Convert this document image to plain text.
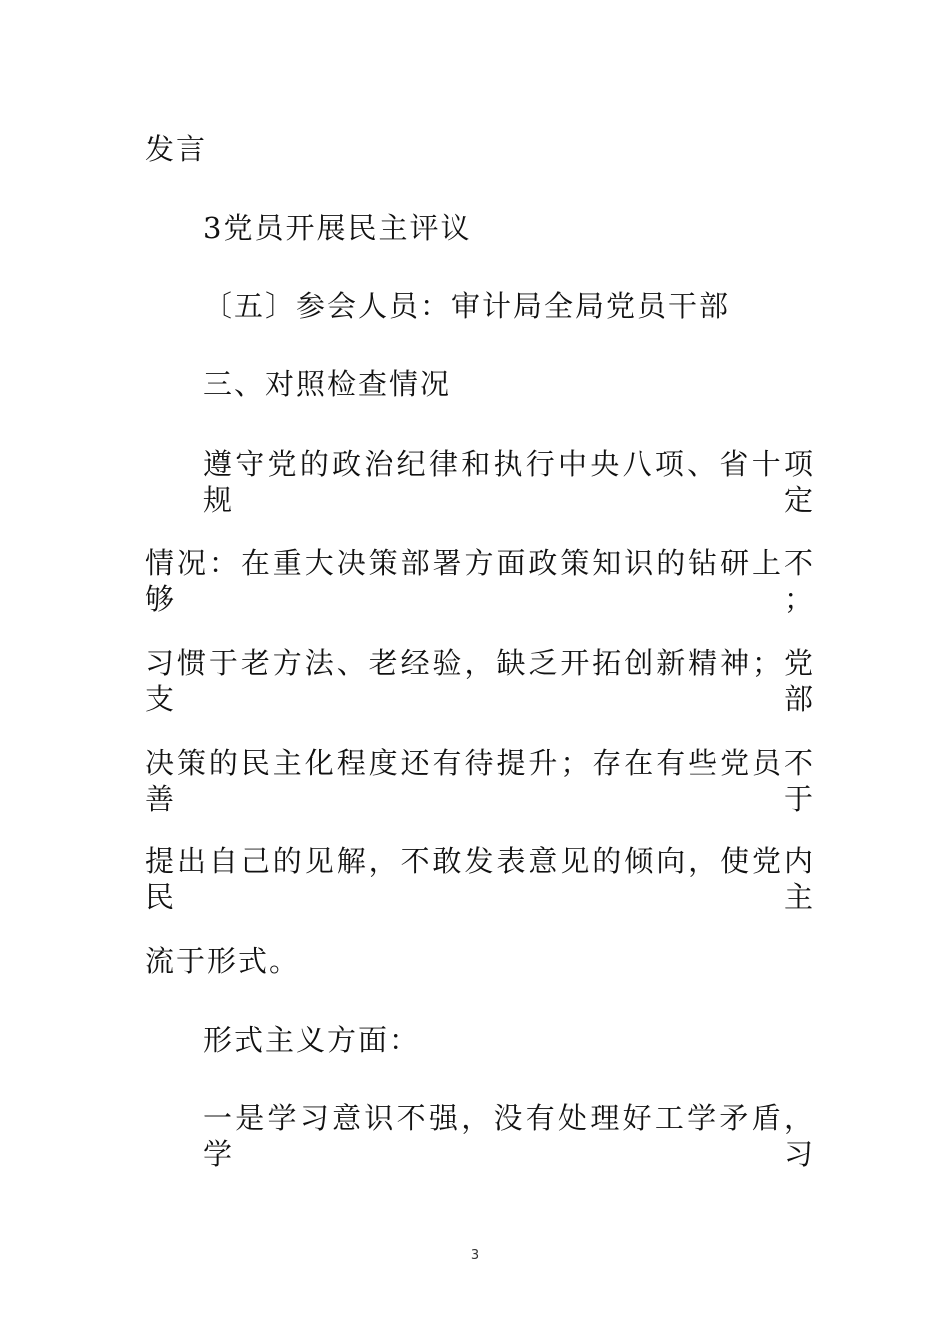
发言
3党员开展民主评议
〔五〕参会人员：审计局全局党员干部
三、对照检查情况
遵守党的政治纪律和执行中央八项、省十项规定
情况：在重大决策部署方面政策知识的钻研上不够；
习惯于老方法、老经验，缺乏开拓创新精神；党支部
决策的民主化程度还有待提升；存在有些党员不善于
提出自己的见解，不敢发表意见的倾向，使党内民主
流于形式。
形式主义方面：
一是学习意识不强，没有处理好工学矛盾，学习
3
